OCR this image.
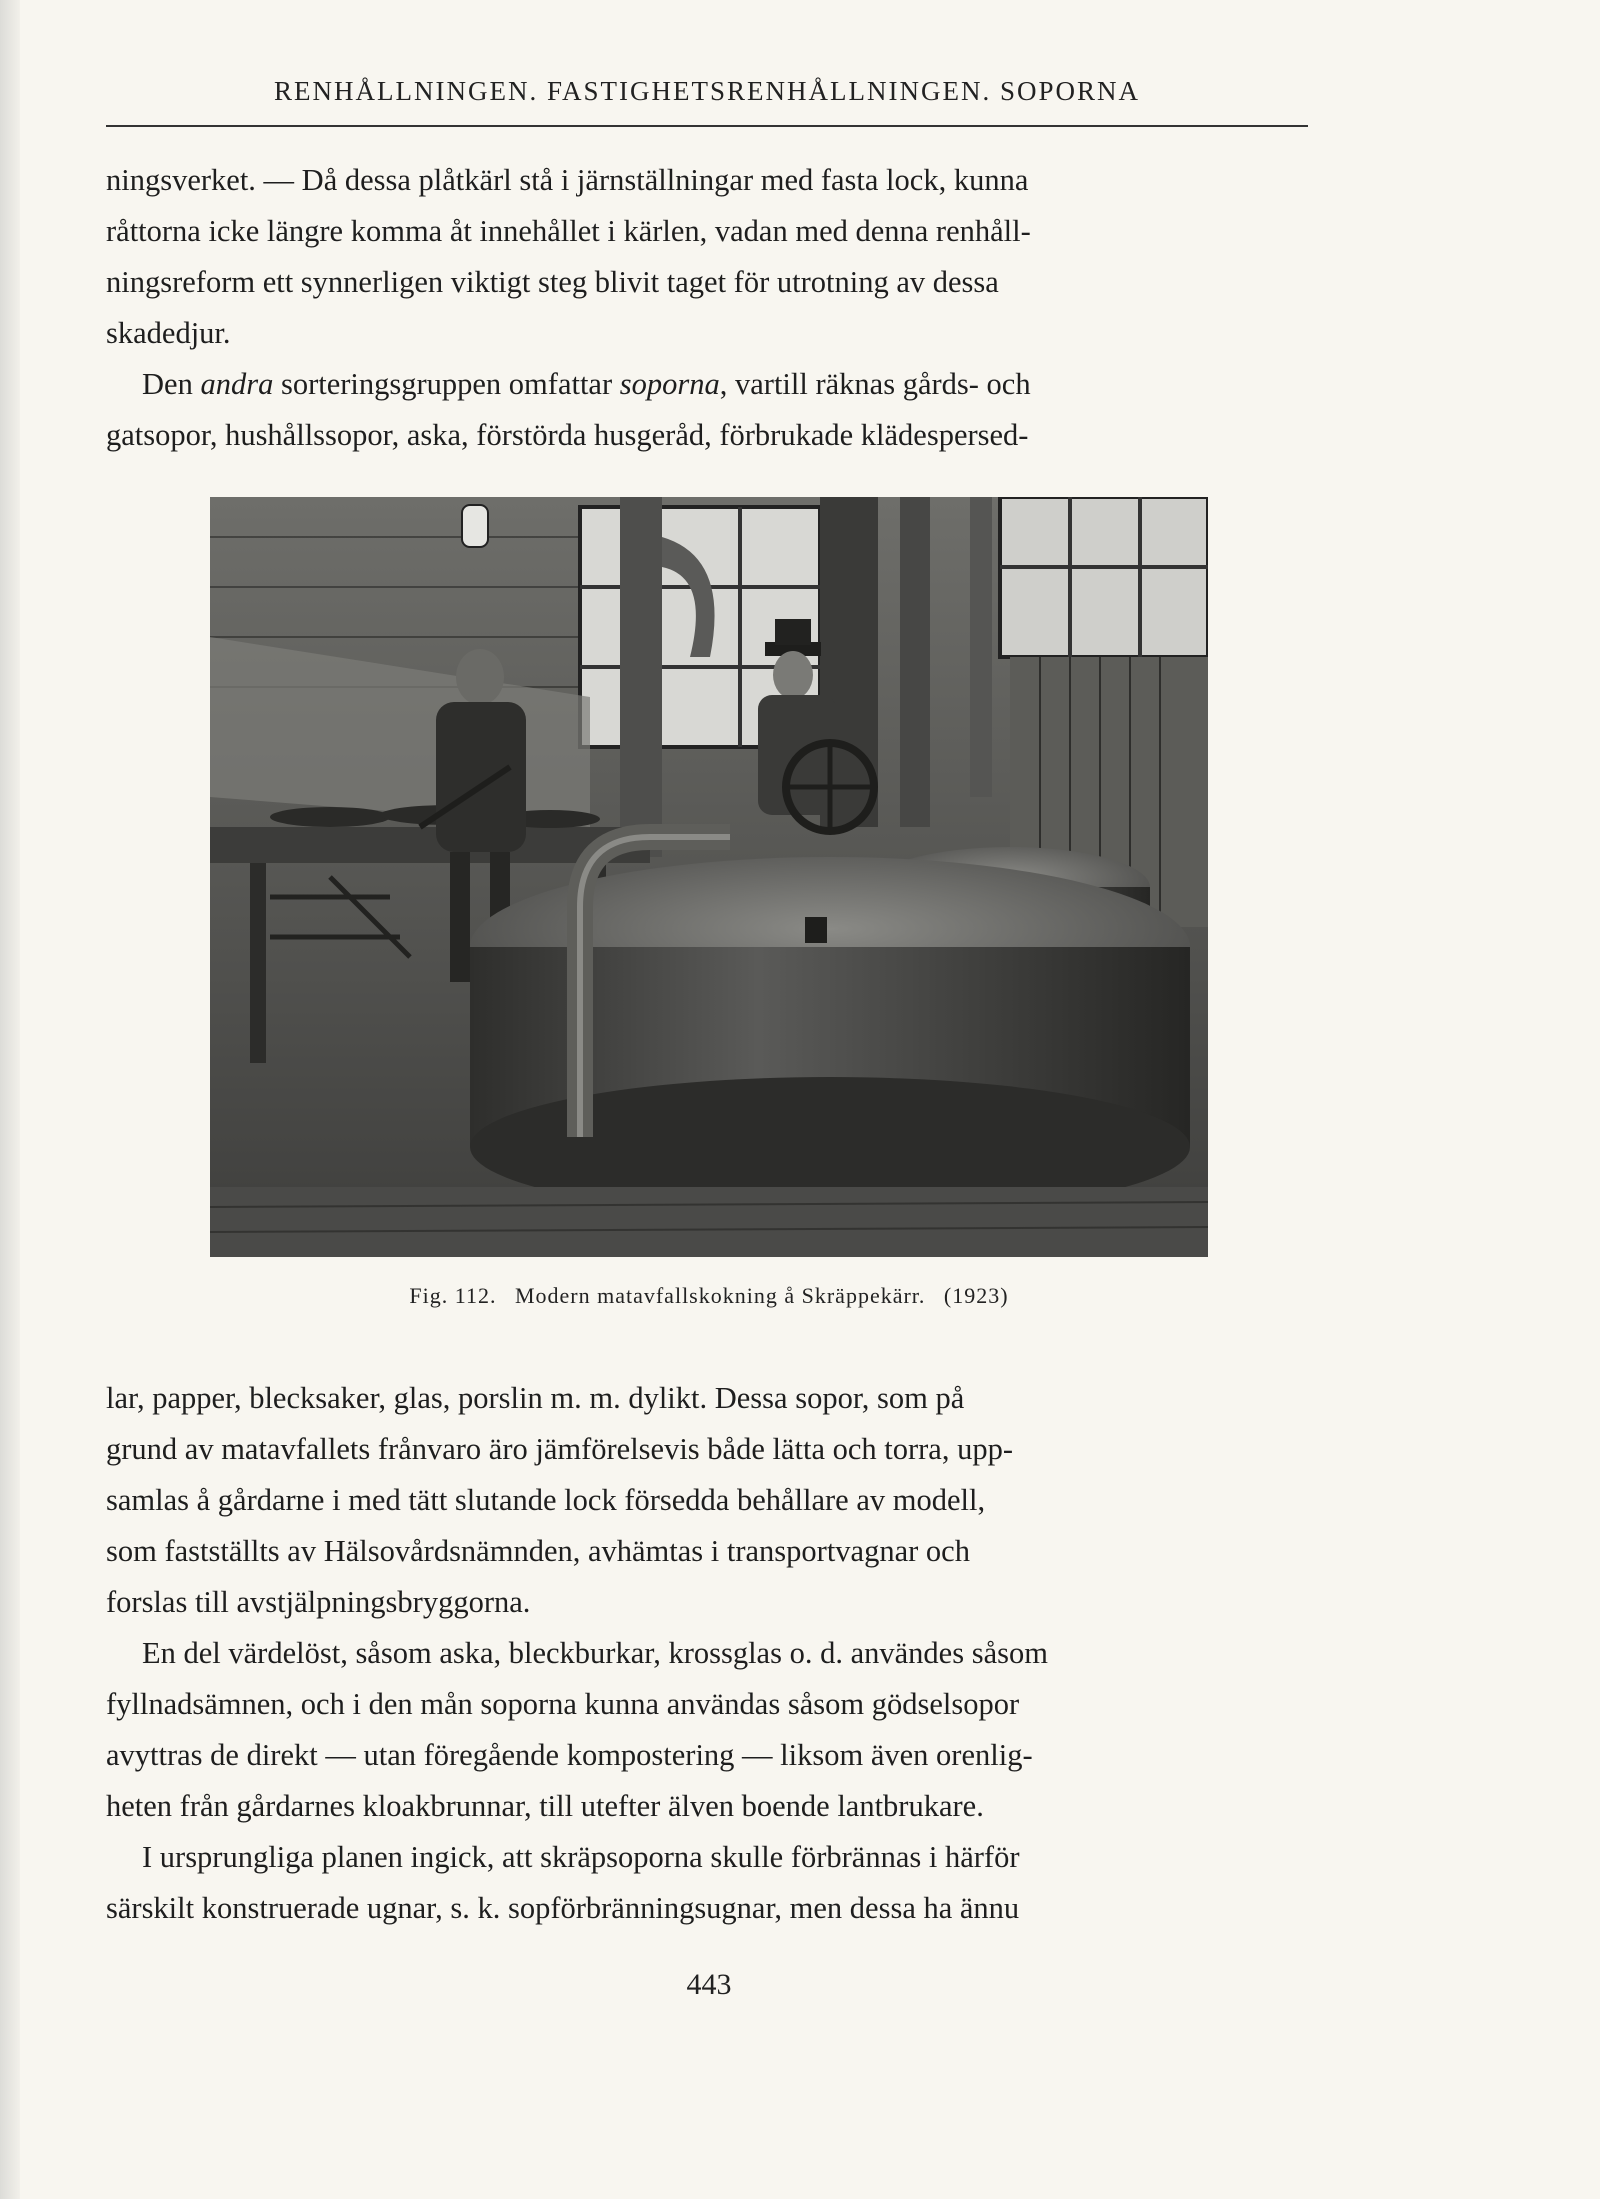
RENHÅLLNINGEN. FASTIGHETSRENHÅLLNINGEN. SOPORNA

ningsverket. — Då dessa plåtkärl stå i järnställningar med fasta lock, kunna
råttorna icke längre komma åt innehållet i kärlen, vadan med denna renhåll-
ningsreform ett synnerligen viktigt steg blivit taget för utrotning av dessa
skadedjur.

Den andra sorteringsgruppen omfattar soporna, vartill räknas gårds- och
gatsopor, hushållssopor, aska, förstörda husgeråd, förbrukade klädespersed-

Fig. 112. Modern matavfallskokning å Skräppekärr. (1923)

lar, papper, blecksaker, glas, porslin m. m. dylikt. Dessa sopor, som på
grund av matavfallets frånvaro äro jämförelsevis både lätta och torra, upp-
samlas å gårdarne i med tätt slutande lock försedda behållare av modell,
som fastställts av Hälsovårdsnämnden, avhämtas i transportvagnar och
forslas till avstjälpningsbryggorna.

En del värdelöst, såsom aska, bleckburkar, krossglas o. d. användes såsom
fyllnadsämnen, och i den mån soporna kunna användas såsom gödselsopor
avyttras de direkt — utan föregående kompostering — liksom även orenlig-
heten från gårdarnes kloakbrunnar, till utefter älven boende lantbrukare.

I ursprungliga planen ingick, att skräpsoporna skulle förbrännas i härför
särskilt konstruerade ugnar, s. k. sopförbränningsugnar, men dessa ha ännu

443
